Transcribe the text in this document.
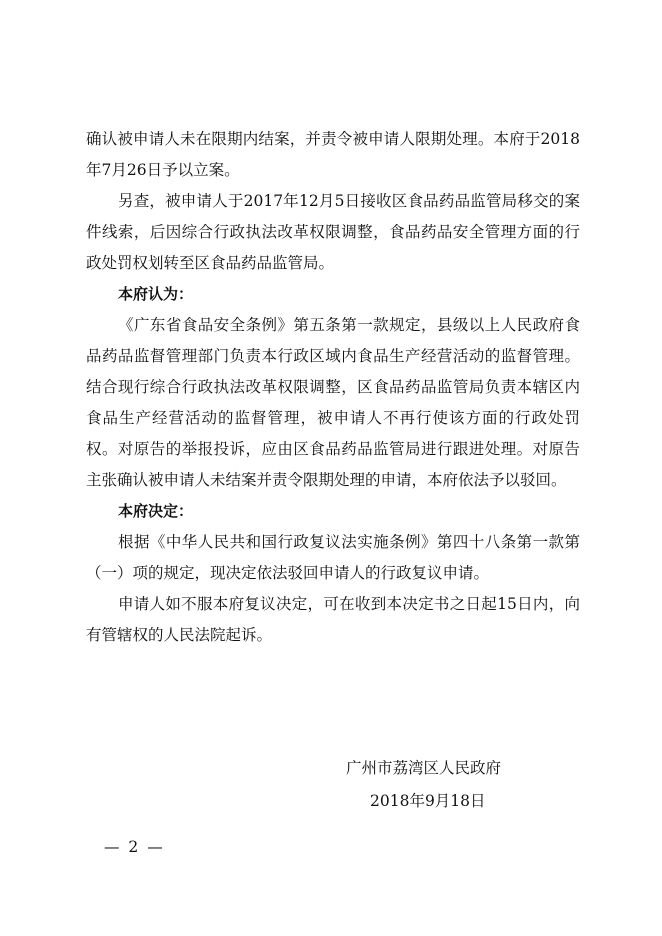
确认被申请人未在限期内结案，并责令被申请人限期处理。本府于2018年7月26日予以立案。

另查，被申请人于2017年12月5日接收区食品药品监管局移交的案件线索，后因综合行政执法改革权限调整，食品药品安全管理方面的行政处罚权划转至区食品药品监管局。

本府认为：

《广东省食品安全条例》第五条第一款规定，县级以上人民政府食品药品监督管理部门负责本行政区域内食品生产经营活动的监督管理。结合现行综合行政执法改革权限调整，区食品药品监管局负责本辖区内食品生产经营活动的监督管理，被申请人不再行使该方面的行政处罚权。对原告的举报投诉，应由区食品药品监管局进行跟进处理。对原告主张确认被申请人未结案并责令限期处理的申请，本府依法予以驳回。

本府决定：

根据《中华人民共和国行政复议法实施条例》第四十八条第一款第（一）项的规定，现决定依法驳回申请人的行政复议申请。

申请人如不服本府复议决定，可在收到本决定书之日起15日内，向有管辖权的人民法院起诉。

广州市荔湾区人民政府
2018年9月18日
— 2 —
